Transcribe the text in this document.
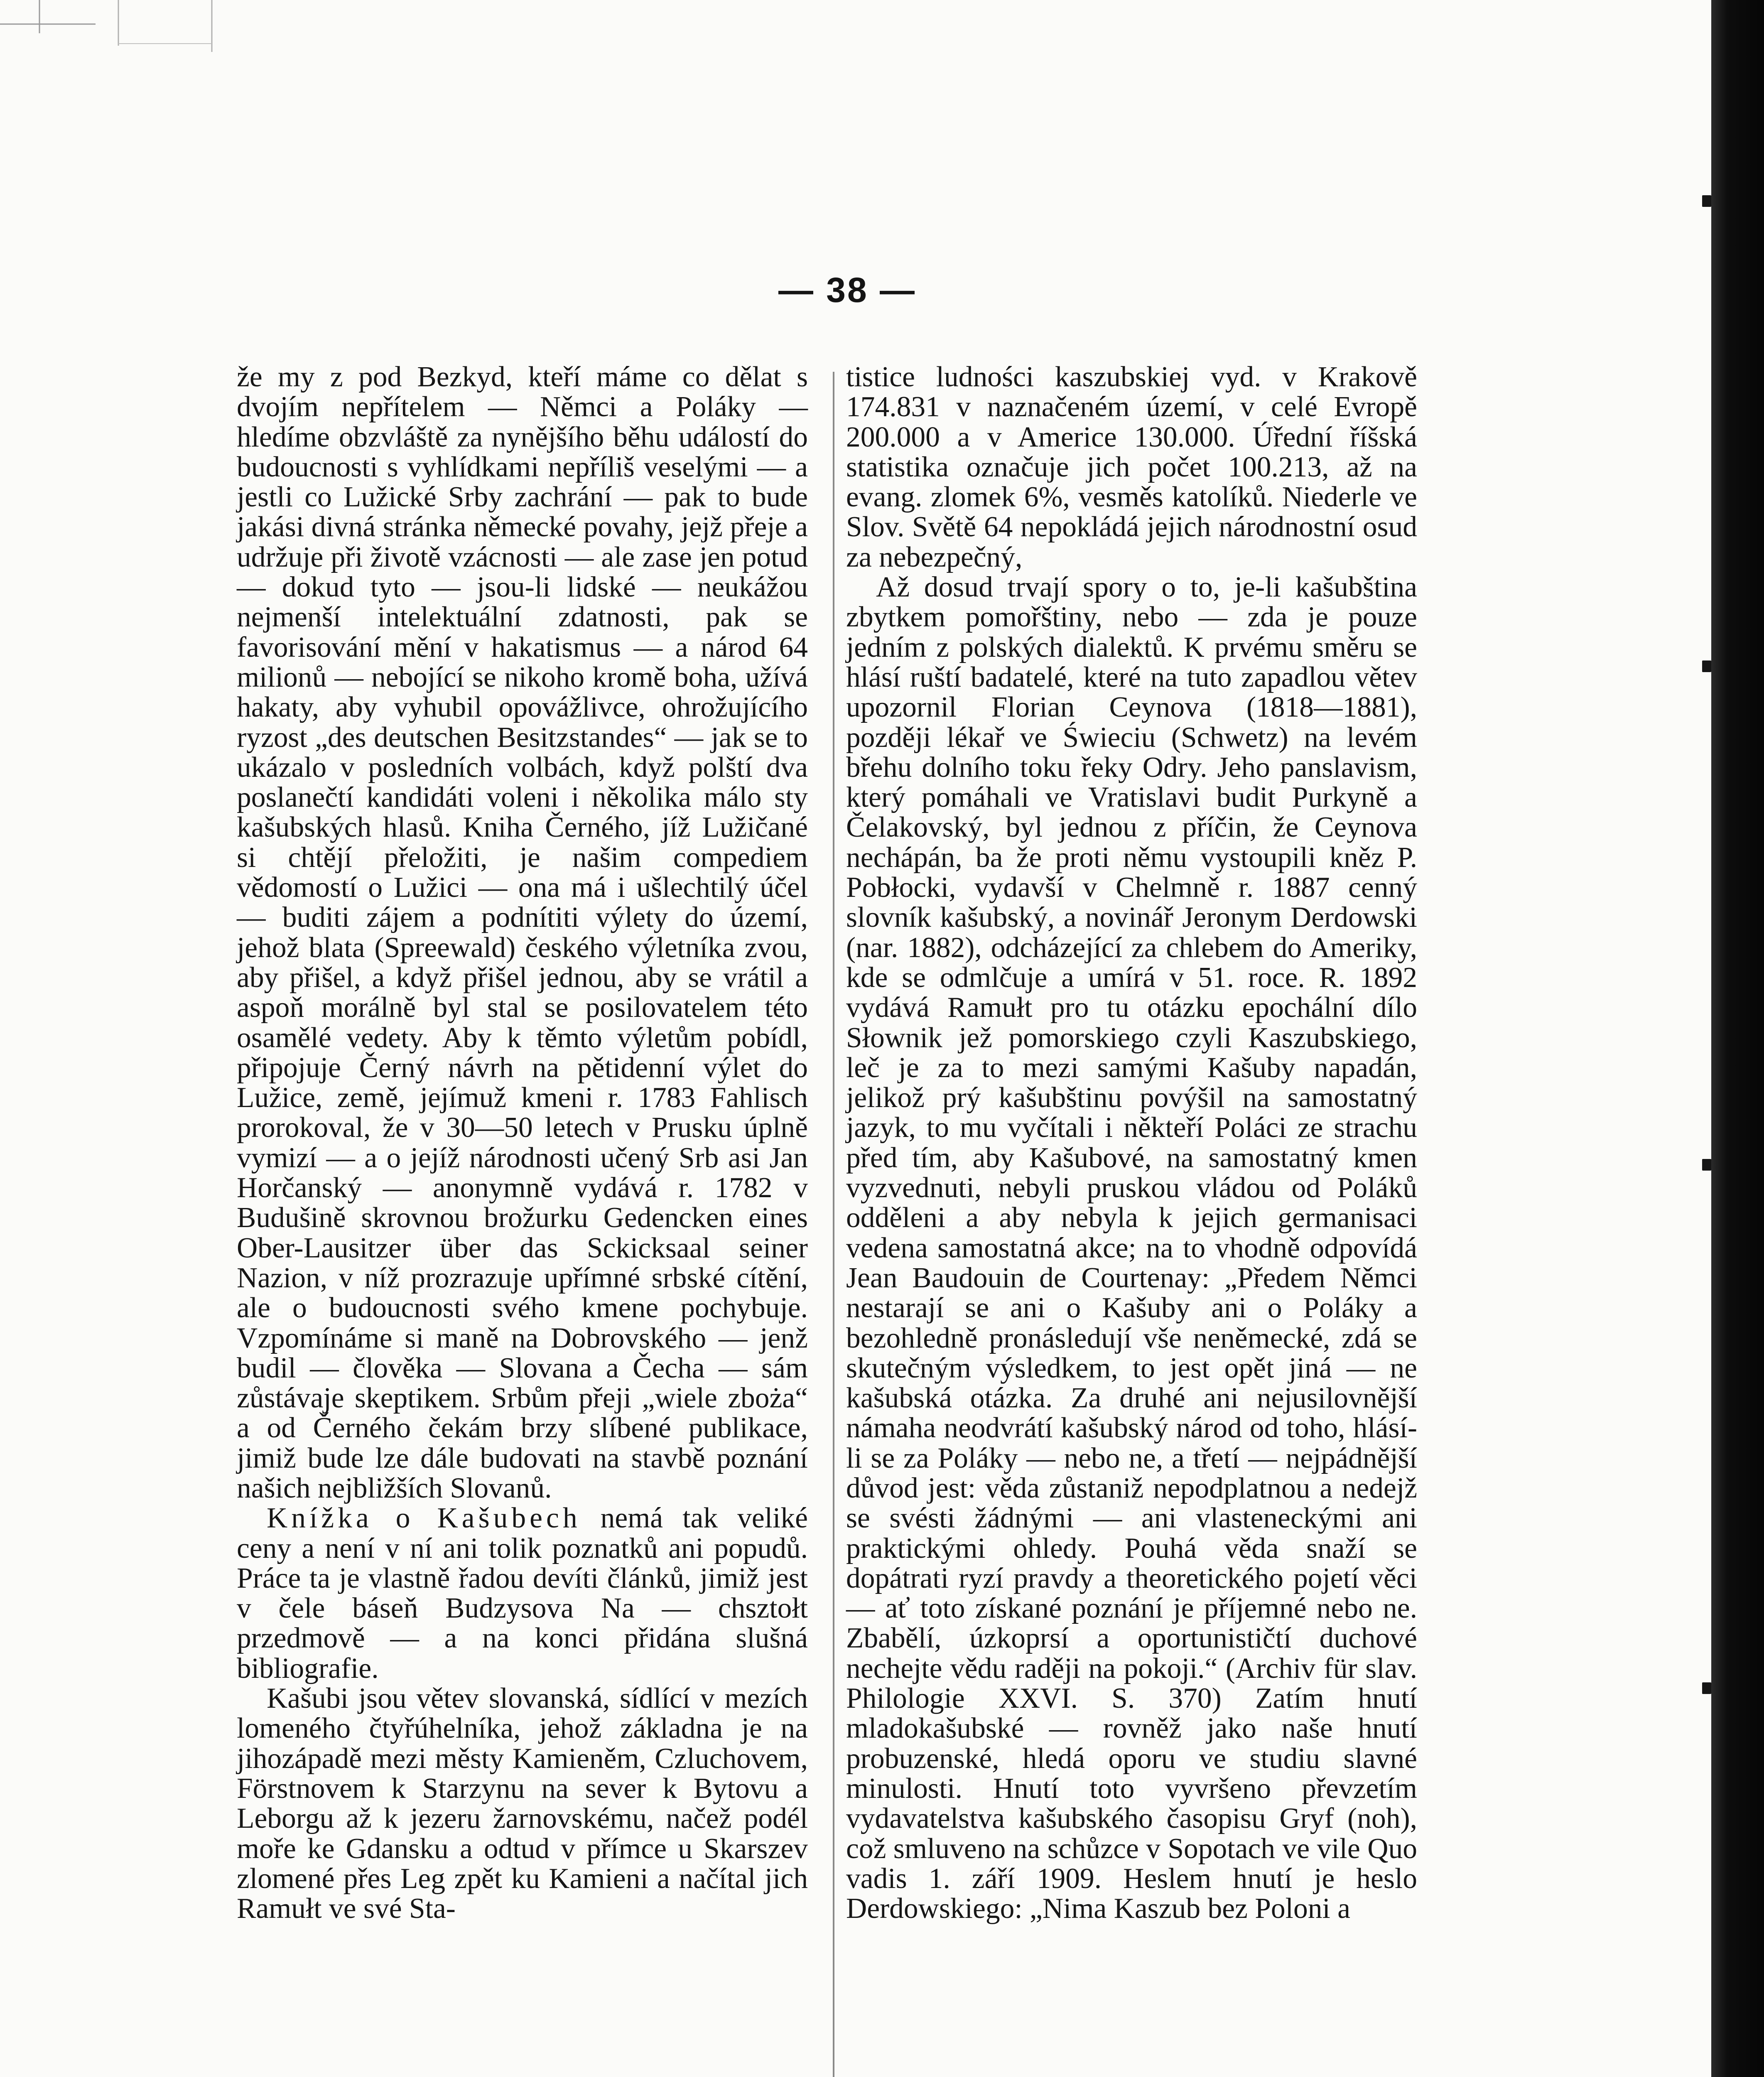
— 38 —

že my z pod Bezkyd, kteří máme co dělat s dvojím nepřítelem — Němci a Poláky — hledíme obzvláště za nynějšího běhu událostí do budoucnosti s vyhlídkami nepříliš veselými — a jestli co Lužické Srby zachrání — pak to bude jakási divná stránka německé povahy, jejž přeje a udržuje při životě vzácnosti — ale zase jen potud — dokud tyto — jsou-li lidské — neukážou nejmenší intelektuální zdatnosti, pak se favorisování mění v hakatismus — a národ 64 milionů — nebojící se nikoho kromě boha, užívá hakaty, aby vyhubil opovážlivce, ohrožujícího ryzost „des deutschen Besitzstandes“ — jak se to ukázalo v posledních volbách, když polští dva poslanečtí kandidáti voleni i několika málo sty kašubských hlasů. Kniha Černého, jíž Lužičané si chtějí přeložiti, je našim compediem vědomostí o Lužici — ona má i ušlechtilý účel — buditi zájem a podnítiti výlety do území, jehož blata (Spreewald) českého výletníka zvou, aby přišel, a když přišel jednou, aby se vrátil a aspoň morálně byl stal se posilovatelem této osamělé vedety. Aby k těmto výletům pobídl, připojuje Černý návrh na pětidenní výlet do Lužice, země, jejímuž kmeni r. 1783 Fahlisch prorokoval, že v 30—50 letech v Prusku úplně vymizí — a o jejíž národnosti učený Srb asi Jan Horčanský — anonymně vydává r. 1782 v Budušině skrovnou brožurku Gedencken eines Ober-Lausitzer über das Sckicksaal seiner Nazion, v níž prozrazuje upřímné srbské cítění, ale o budoucnosti svého kmene pochybuje. Vzpomínáme si maně na Dobrovského — jenž budil — člověka — Slovana a Čecha — sám zůstávaje skeptikem. Srbům přeji „wiele zboża“ a od Černého čekám brzy slíbené publikace, jimiž bude lze dále budovati na stavbě poznání našich nejbližších Slovanů.

Knížka o Kašubech nemá tak veliké ceny a není v ní ani tolik poznatků ani popudů. Práce ta je vlastně řadou devíti článků, jimiž jest v čele báseň Budzysova Na — chsztołt przedmově — a na konci přidána slušná bibliografie.

Kašubi jsou větev slovanská, sídlící v mezích lomeného čtyřúhelníka, jehož základna je na jihozápadě mezi městy Kamieněm, Czluchovem, Förstnovem k Starzynu na sever k Bytovu a Leborgu až k jezeru žarnovskému, načež podél moře ke Gdansku a odtud v přímce u Skarszev zlomené přes Leg zpět ku Kamieni a načítal jich Ramułt ve své Sta-

tistice ludności kaszubskiej vyd. v Krakově 174.831 v naznačeném území, v celé Evropě 200.000 a v Americe 130.000. Úřední říšská statistika označuje jich počet 100.213, až na evang. zlomek 6%, vesměs katolíků. Niederle ve Slov. Světě 64 nepokládá jejich národnostní osud za nebezpečný,

Až dosud trvají spory o to, je-li kašubština zbytkem pomořštiny, nebo — zda je pouze jedním z polských dialektů. K prvému směru se hlásí ruští badatelé, které na tuto zapadlou větev upozornil Florian Ceynova (1818—1881), později lékař ve Świeciu (Schwetz) na levém břehu dolního toku řeky Odry. Jeho panslavism, který pomáhali ve Vratislavi budit Purkyně a Čelakovský, byl jednou z příčin, že Ceynova nechápán, ba že proti němu vystoupili kněz P. Pobłocki, vydavší v Chelmně r. 1887 cenný slovník kašubský, a novinář Jeronym Derdowski (nar. 1882), odcházející za chlebem do Ameriky, kde se odmlčuje a umírá v 51. roce. R. 1892 vydává Ramułt pro tu otázku epochální dílo Słownik jež pomorskiego czyli Kaszubskiego, leč je za to mezi samými Kašuby napadán, jelikož prý kašubštinu povýšil na samostatný jazyk, to mu vyčítali i někteří Poláci ze strachu před tím, aby Kašubové, na samostatný kmen vyzvednuti, nebyli pruskou vládou od Poláků odděleni a aby nebyla k jejich germanisaci vedena samostatná akce; na to vhodně odpovídá Jean Baudouin de Courtenay: „Předem Němci nestarají se ani o Kašuby ani o Poláky a bezohledně pronásledují vše neněmecké, zdá se skutečným výsledkem, to jest opět jiná — ne kašubská otázka. Za druhé ani nejusilovnější námaha neodvrátí kašubský národ od toho, hlásí-li se za Poláky — nebo ne, a třetí — nejpádnější důvod jest: věda zůstaniž nepodplatnou a nedejž se svésti žádnými — ani vlasteneckými ani praktickými ohledy. Pouhá věda snaží se dopátrati ryzí pravdy a theoretického pojetí věci — ať toto získané poznání je příjemné nebo ne. Zbabělí, úzkoprsí a oportunističtí duchové nechejte vědu raději na pokoji.“ (Archiv für slav. Philologie XXVI. S. 370) Zatím hnutí mladokašubské — rovněž jako naše hnutí probuzenské, hledá oporu ve studiu slavné minulosti. Hnutí toto vyvršeno převzetím vydavatelstva kašubského časopisu Gryf (noh), což smluveno na schůzce v Sopotach ve vile Quo vadis 1. září 1909. Heslem hnutí je heslo Derdowskiego: „Nima Kaszub bez Poloni a
